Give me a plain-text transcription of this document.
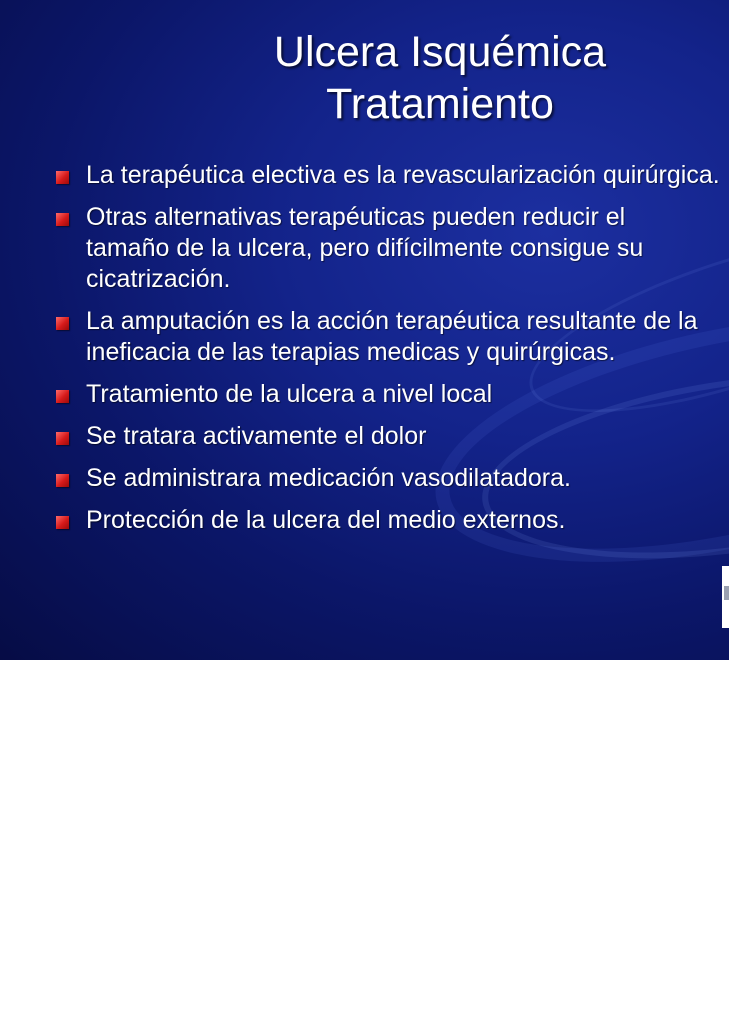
Ulcera Isquémica
Tratamiento
La terapéutica electiva es la revascularización quirúrgica.
Otras alternativas terapéuticas pueden reducir el
tamaño de la ulcera, pero difícilmente consigue su
cicatrización.
La amputación es la acción terapéutica resultante de la
ineficacia de las terapias medicas y quirúrgicas.
Tratamiento de la ulcera a nivel local
Se tratara activamente el dolor
Se administrara medicación vasodilatadora.
Protección de la ulcera del medio externos.
